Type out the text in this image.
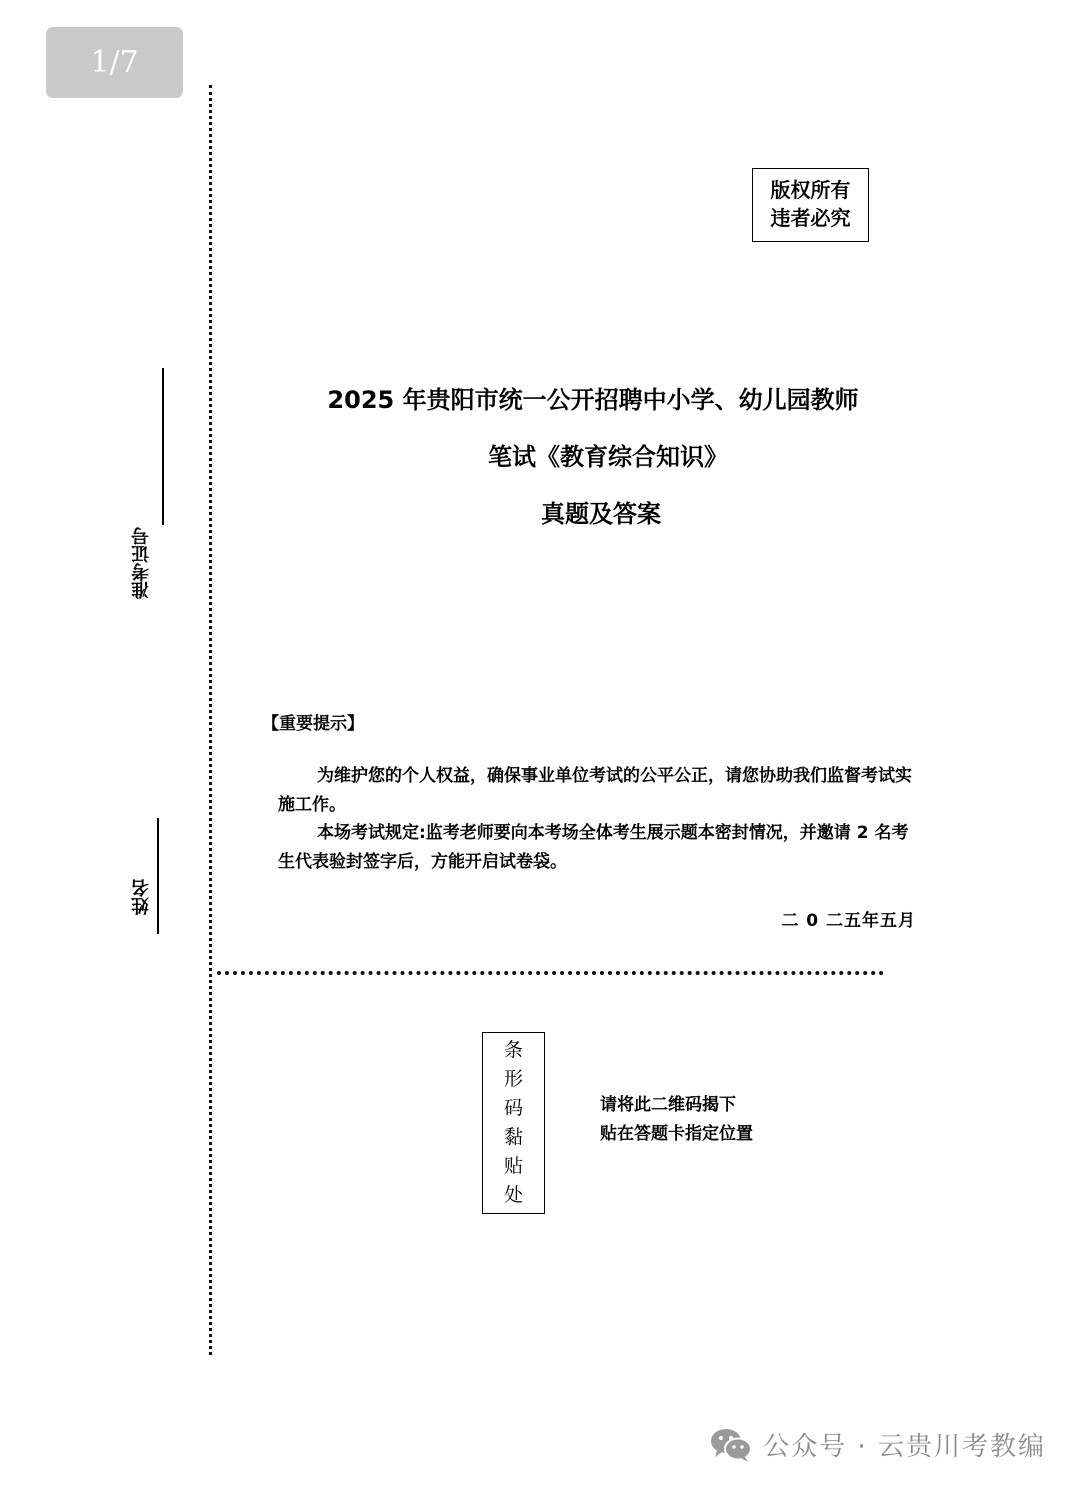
1/7
准考证号
姓名
版权所有
违者必究
2025 年贵阳市统一公开招聘中小学、幼儿园教师
笔试《教育综合知识》
真题及答案
【重要提示】
为维护您的个人权益，确保事业单位考试的公平公正，请您协助我们监督考试实施工作。
本场考试规定:监考老师要向本考场全体考生展示题本密封情况，并邀请 2 名考生代表验封签字后，方能开启试卷袋。
二 0 二五年五月
条
形
码
黏
贴
处
请将此二维码揭下
贴在答题卡指定位置
公众号 · 云贵川考教编
